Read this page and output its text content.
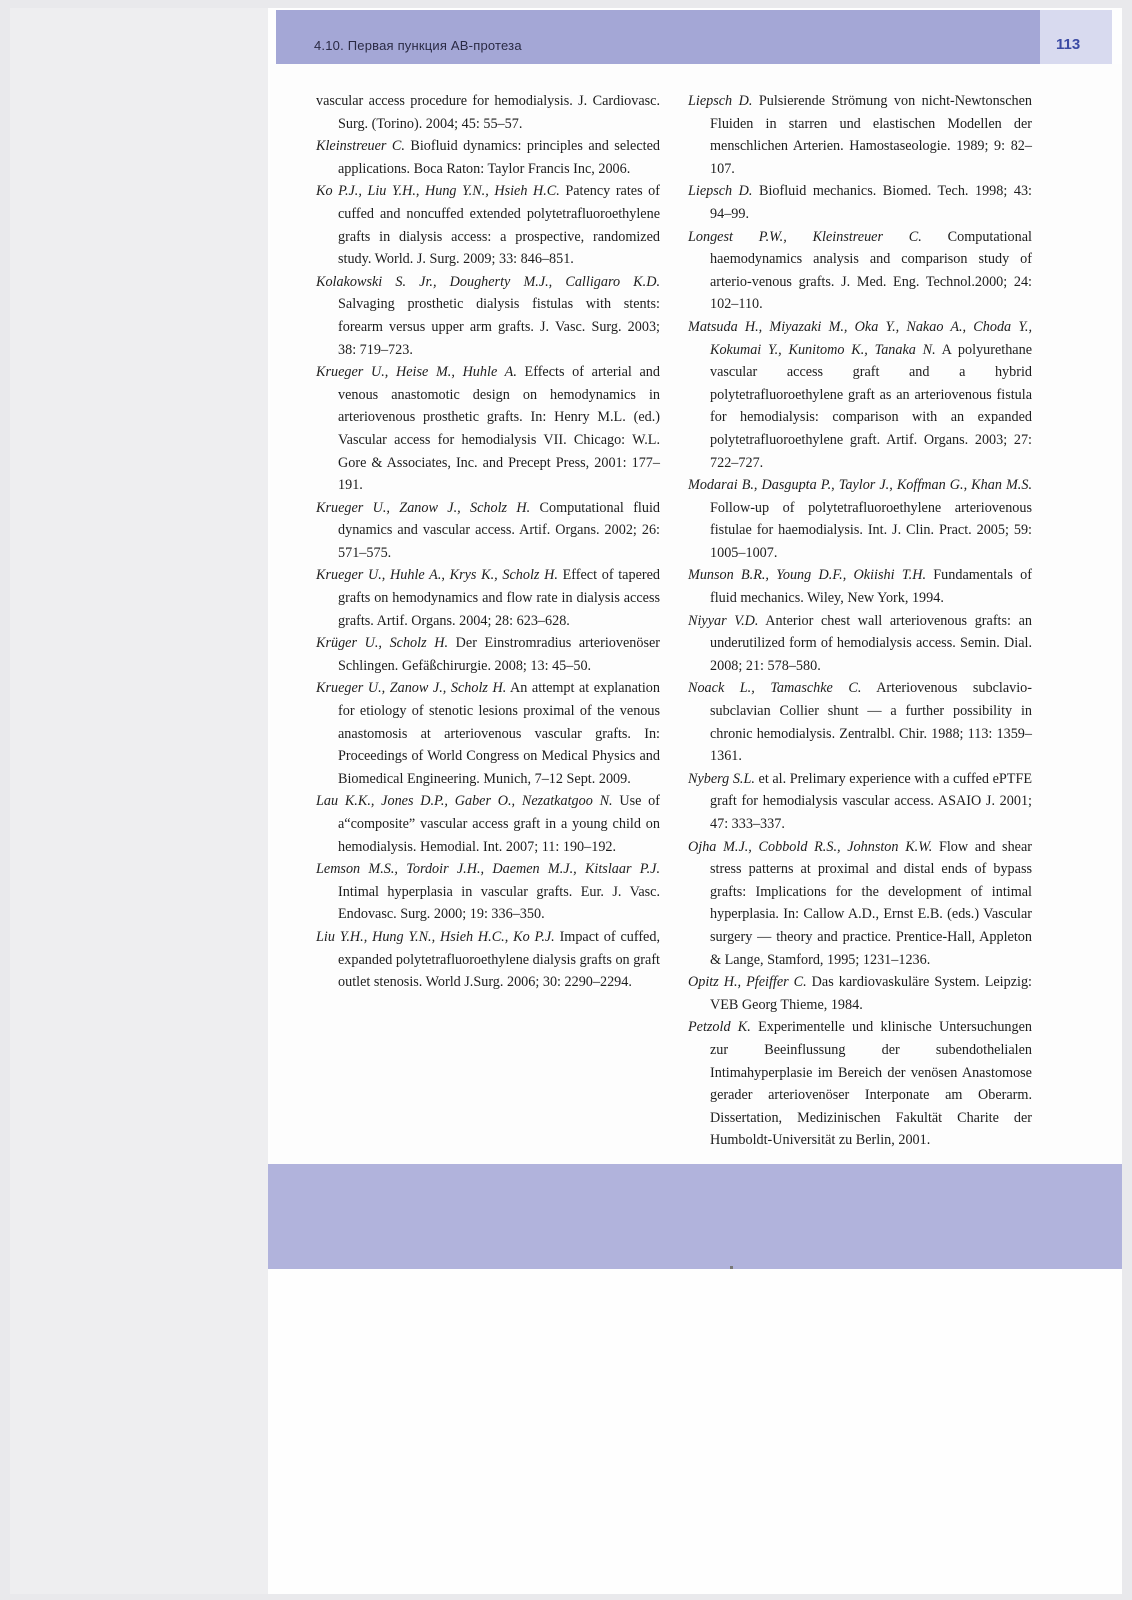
4.10. Первая пункция АВ-протеза	113

vascular access procedure for hemodialysis. J. Cardiovasc. Surg. (Torino). 2004; 45: 55–57.

Kleinstreuer C. Biofluid dynamics: principles and selected applications. Boca Raton: Taylor Francis Inc, 2006.

Ko P.J., Liu Y.H., Hung Y.N., Hsieh H.C. Patency rates of cuffed and noncuffed extended polytetrafluoroethylene grafts in dialysis access: a prospective, randomized study. World. J. Surg. 2009; 33: 846–851.

Kolakowski S. Jr., Dougherty M.J., Calligaro K.D. Salvaging prosthetic dialysis fistulas with stents: forearm versus upper arm grafts. J. Vasc. Surg. 2003; 38: 719–723.

Krueger U., Heise M., Huhle A. Effects of arterial and venous anastomotic design on hemodynamics in arteriovenous prosthetic grafts. In: Henry M.L. (ed.) Vascular access for hemodialysis VII. Chicago: W.L. Gore & Associates, Inc. and Precept Press, 2001: 177–191.

Krueger U., Zanow J., Scholz H. Computational fluid dynamics and vascular access. Artif. Organs. 2002; 26: 571–575.

Krueger U., Huhle A., Krys K., Scholz H. Effect of tapered grafts on hemodynamics and flow rate in dialysis access grafts. Artif. Organs. 2004; 28: 623–628.

Krüger U., Scholz H. Der Einstromradius arteriovenöser Schlingen. Gefäßchirurgie. 2008; 13: 45–50.

Krueger U., Zanow J., Scholz H. An attempt at explanation for etiology of stenotic lesions proximal of the venous anastomosis at arteriovenous vascular grafts. In: Proceedings of World Congress on Medical Physics and Biomedical Engineering. Munich, 7–12 Sept. 2009.

Lau K.K., Jones D.P., Gaber O., Nezatkatgoo N. Use of a“composite” vascular access graft in a young child on hemodialysis. Hemodial. Int. 2007; 11: 190–192.

Lemson M.S., Tordoir J.H., Daemen M.J., Kitslaar P.J. Intimal hyperplasia in vascular grafts. Eur. J. Vasc. Endovasc. Surg. 2000; 19: 336–350.

Liu Y.H., Hung Y.N., Hsieh H.C., Ko P.J. Impact of cuffed, expanded polytetrafluoroethylene dialysis grafts on graft outlet stenosis. World J.Surg. 2006; 30: 2290–2294.

Liepsch D. Pulsierende Strömung von nicht-Newtonschen Fluiden in starren und elastischen Modellen der menschlichen Arterien. Hamostaseologie. 1989; 9: 82–107.

Liepsch D. Biofluid mechanics. Biomed. Tech. 1998; 43: 94–99.

Longest P.W., Kleinstreuer C. Computational haemodynamics analysis and comparison study of arterio-venous grafts. J. Med. Eng. Technol.2000; 24: 102–110.

Matsuda H., Miyazaki M., Oka Y., Nakao A., Choda Y., Kokumai Y., Kunitomo K., Tanaka N. A polyurethane vascular access graft and a hybrid polytetrafluoroethylene graft as an arteriovenous fistula for hemodialysis: comparison with an expanded polytetrafluoroethylene graft. Artif. Organs. 2003; 27: 722–727.

Modarai B., Dasgupta P., Taylor J., Koffman G., Khan M.S. Follow-up of polytetrafluoroethylene arteriovenous fistulae for haemodialysis. Int. J. Clin. Pract. 2005; 59: 1005–1007.

Munson B.R., Young D.F., Okiishi T.H. Fundamentals of fluid mechanics. Wiley, New York, 1994.

Niyyar V.D. Anterior chest wall arteriovenous grafts: an underutilized form of hemodialysis access. Semin. Dial. 2008; 21: 578–580.

Noack L., Tamaschke C. Arteriovenous subclavio-subclavian Collier shunt — a further possibility in chronic hemodialysis. Zentralbl. Chir. 1988; 113: 1359–1361.

Nyberg S.L. et al. Prelimary experience with a cuffed ePTFE graft for hemodialysis vascular access. ASAIO J. 2001; 47: 333–337.

Ojha M.J., Cobbold R.S., Johnston K.W. Flow and shear stress patterns at proximal and distal ends of bypass grafts: Implications for the development of intimal hyperplasia. In: Callow A.D., Ernst E.B. (eds.) Vascular surgery — theory and practice. Prentice-Hall, Appleton & Lange, Stamford, 1995; 1231–1236.

Opitz H., Pfeiffer C. Das kardiovaskuläre System. Leipzig: VEB Georg Thieme, 1984.

Petzold K. Experimentelle und klinische Untersuchungen zur Beeinflussung der subendothelialen Intimahyperplasie im Bereich der venösen Anastomose gerader arteriovenöser Interponate am Oberarm. Dissertation, Medizinischen Fakultät Charite der Humboldt-Universität zu Berlin, 2001.
